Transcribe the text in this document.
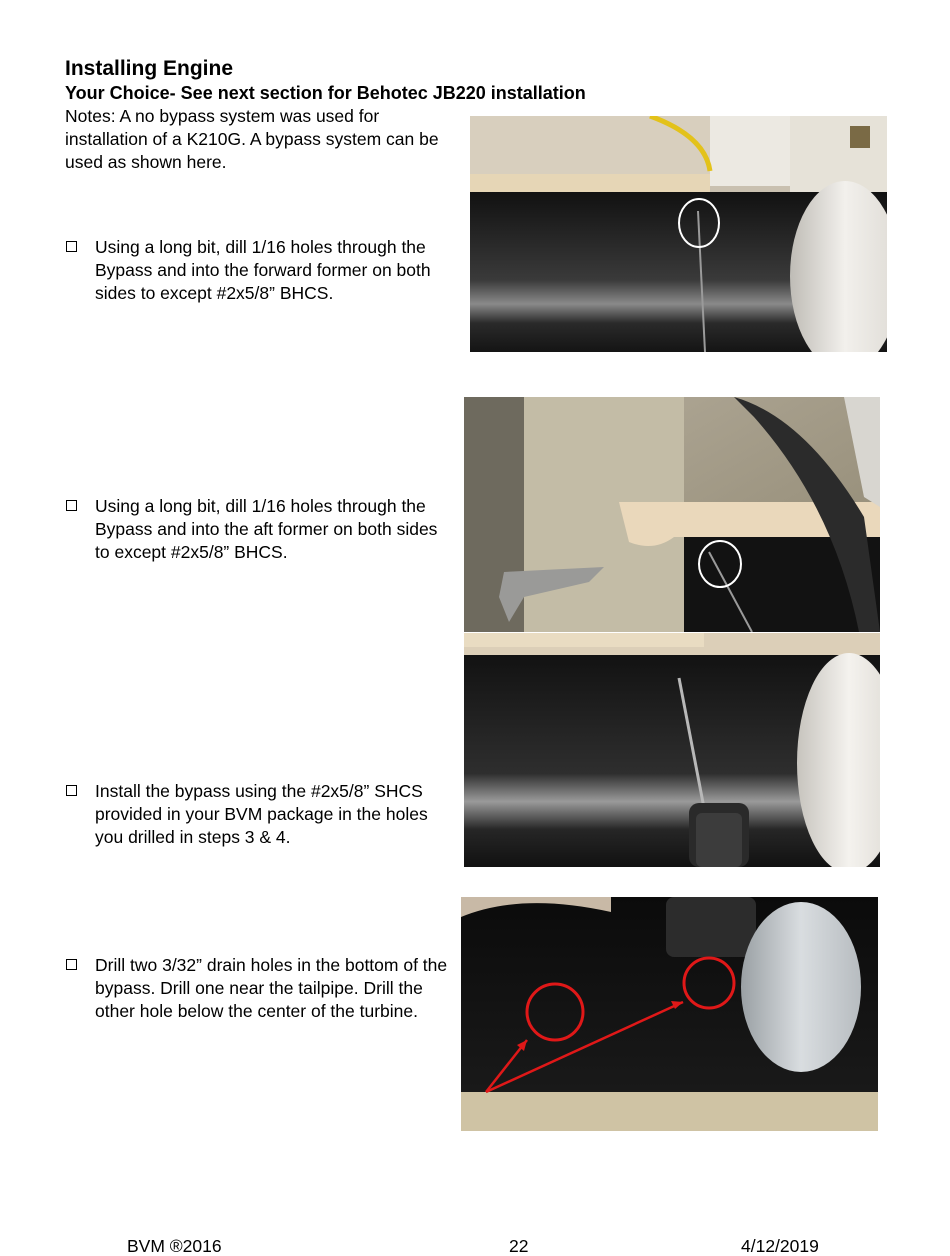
Installing Engine
Your Choice- See next section for Behotec JB220 installation
Notes: A no bypass system was used for installation of a K210G. A bypass system can be used as shown here.
Using a long bit, dill 1/16 holes through the Bypass and into the forward former on both sides to except #2x5/8” BHCS.
Using a long bit, dill 1/16 holes through the Bypass and into the aft former on both sides to except #2x5/8” BHCS.
Install the bypass using the #2x5/8” SHCS provided in your BVM package in the holes you drilled in steps 3 & 4.
Drill two 3/32” drain holes in the bottom of the bypass. Drill one near the tailpipe. Drill the other hole below the center of the turbine.
BVM ®2016	22	4/12/2019
